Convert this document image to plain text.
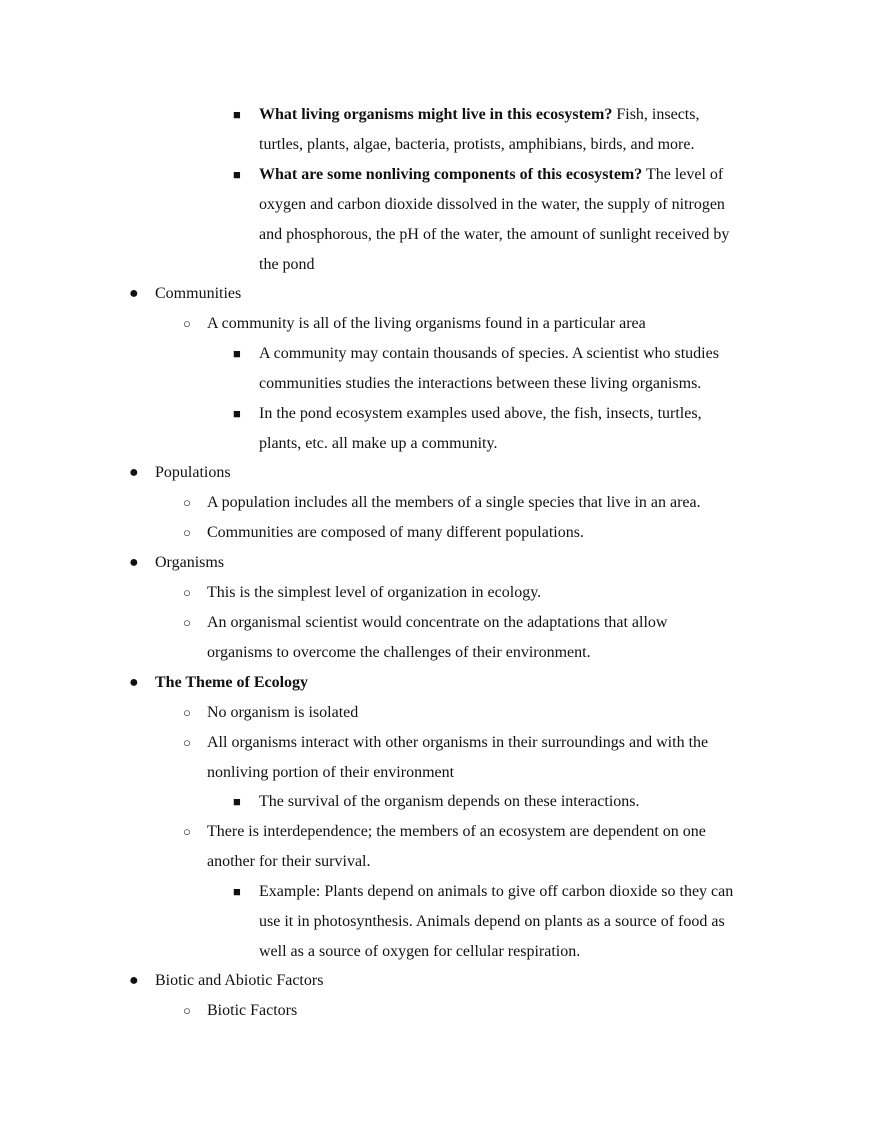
■ What living organisms might live in this ecosystem? Fish, insects,
turtles, plants, algae, bacteria, protists, amphibians, birds, and more.
■ What are some nonliving components of this ecosystem? The level of
oxygen and carbon dioxide dissolved in the water, the supply of nitrogen
and phosphorous, the pH of the water, the amount of sunlight received by
the pond
● Communities
○ A community is all of the living organisms found in a particular area
■ A community may contain thousands of species. A scientist who studies
communities studies the interactions between these living organisms.
■ In the pond ecosystem examples used above, the fish, insects, turtles,
plants, etc. all make up a community.
● Populations
○ A population includes all the members of a single species that live in an area.
○ Communities are composed of many different populations.
● Organisms
○ This is the simplest level of organization in ecology.
○ An organismal scientist would concentrate on the adaptations that allow
organisms to overcome the challenges of their environment.
● The Theme of Ecology
○ No organism is isolated
○ All organisms interact with other organisms in their surroundings and with the
nonliving portion of their environment
■ The survival of the organism depends on these interactions.
○ There is interdependence; the members of an ecosystem are dependent on one
another for their survival.
■ Example: Plants depend on animals to give off carbon dioxide so they can
use it in photosynthesis. Animals depend on plants as a source of food as
well as a source of oxygen for cellular respiration.
● Biotic and Abiotic Factors
○ Biotic Factors
